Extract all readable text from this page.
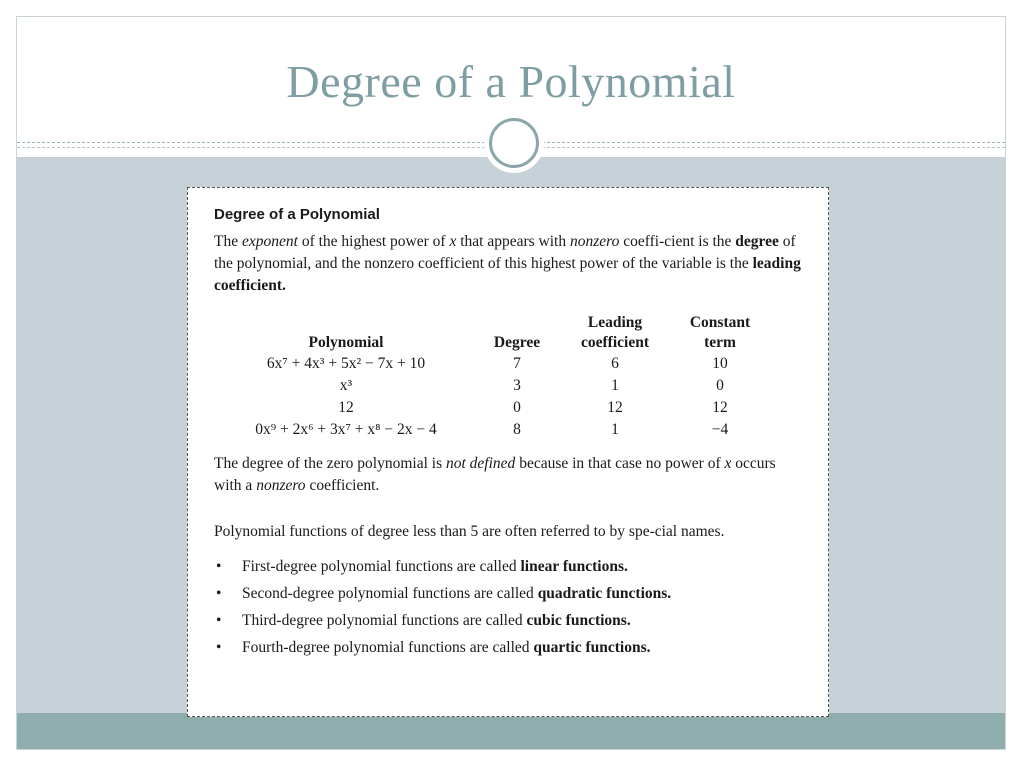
Degree of a Polynomial
Degree of a Polynomial

The exponent of the highest power of x that appears with nonzero coeffi-cient is the degree of the polynomial, and the nonzero coefficient of this highest power of the variable is the leading coefficient.

Polynomial	Degree	Leading coefficient	Constant term
6x⁷ + 4x³ + 5x² − 7x + 10	7	6	10
x³	3	1	0
12	0	12	12
0x⁹ + 2x⁶ + 3x⁷ + x⁸ − 2x − 4	8	1	−4

The degree of the zero polynomial is not defined because in that case no power of x occurs with a nonzero coefficient.

Polynomial functions of degree less than 5 are often referred to by spe-cial names.

• First-degree polynomial functions are called linear functions.
• Second-degree polynomial functions are called quadratic functions.
• Third-degree polynomial functions are called cubic functions.
• Fourth-degree polynomial functions are called quartic functions.
